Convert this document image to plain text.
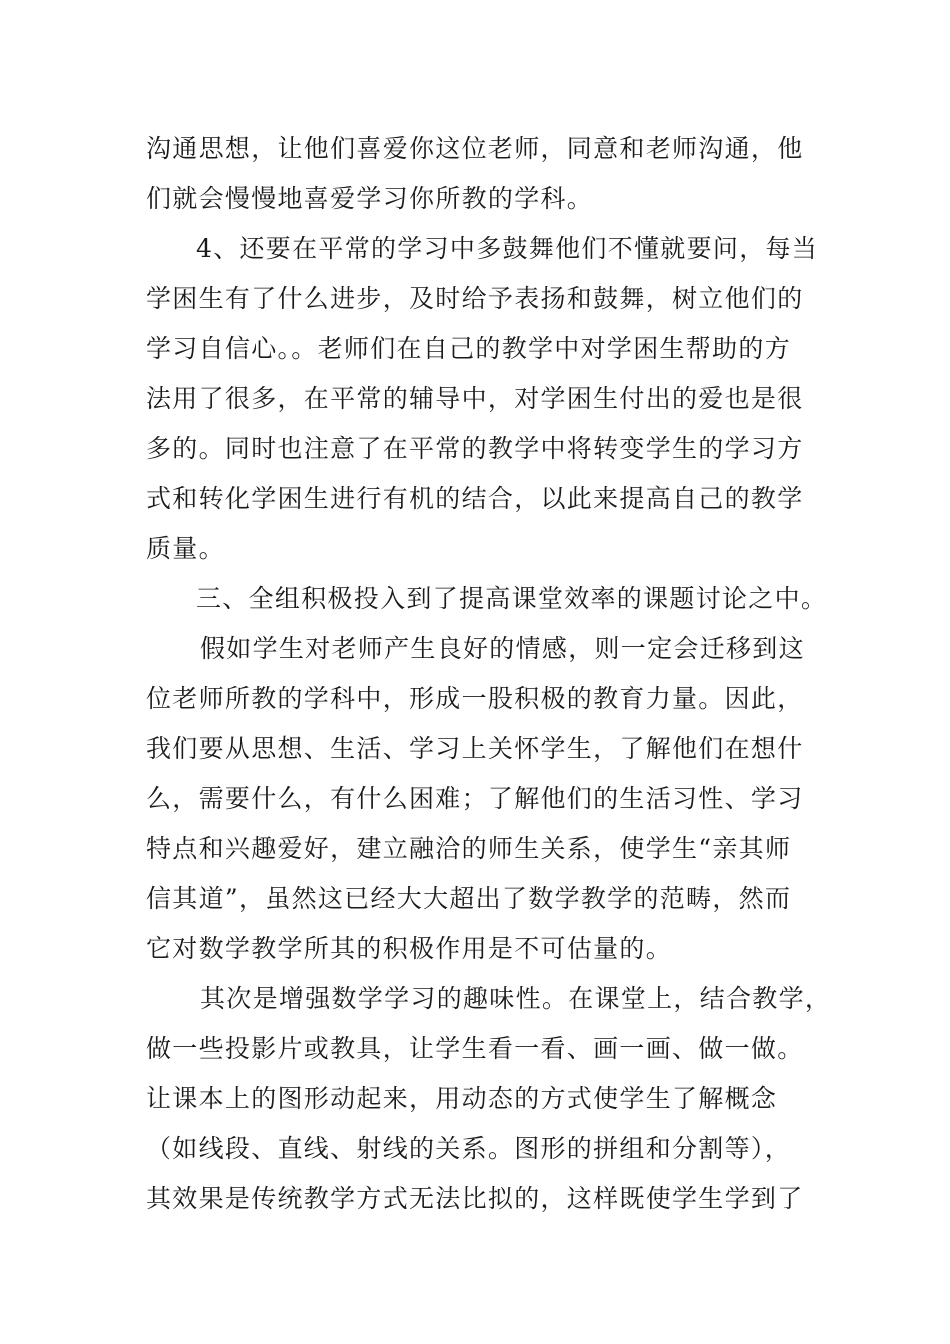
沟通思想，让他们喜爱你这位老师，同意和老师沟通，他
们就会慢慢地喜爱学习你所教的学科。
4、还要在平常的学习中多鼓舞他们不懂就要问，每当
学困生有了什么进步，及时给予表扬和鼓舞，树立他们的
学习自信心。。老师们在自己的教学中对学困生帮助的方
法用了很多，在平常的辅导中，对学困生付出的爱也是很
多的。同时也注意了在平常的教学中将转变学生的学习方
式和转化学困生进行有机的结合，以此来提高自己的教学
质量。
三、全组积极投入到了提高课堂效率的课题讨论之中。
假如学生对老师产生良好的情感，则一定会迁移到这
位老师所教的学科中，形成一股积极的教育力量。因此，
我们要从思想、生活、学习上关怀学生，了解他们在想什
么，需要什么，有什么困难；了解他们的生活习性、学习
特点和兴趣爱好，建立融洽的师生关系，使学生“亲其师
信其道”，虽然这已经大大超出了数学教学的范畴，然而
它对数学教学所其的积极作用是不可估量的。
其次是增强数学学习的趣味性。在课堂上，结合教学，
做一些投影片或教具，让学生看一看、画一画、做一做。
让课本上的图形动起来，用动态的方式使学生了解概念
（如线段、直线、射线的关系。图形的拼组和分割等），
其效果是传统教学方式无法比拟的，这样既使学生学到了
